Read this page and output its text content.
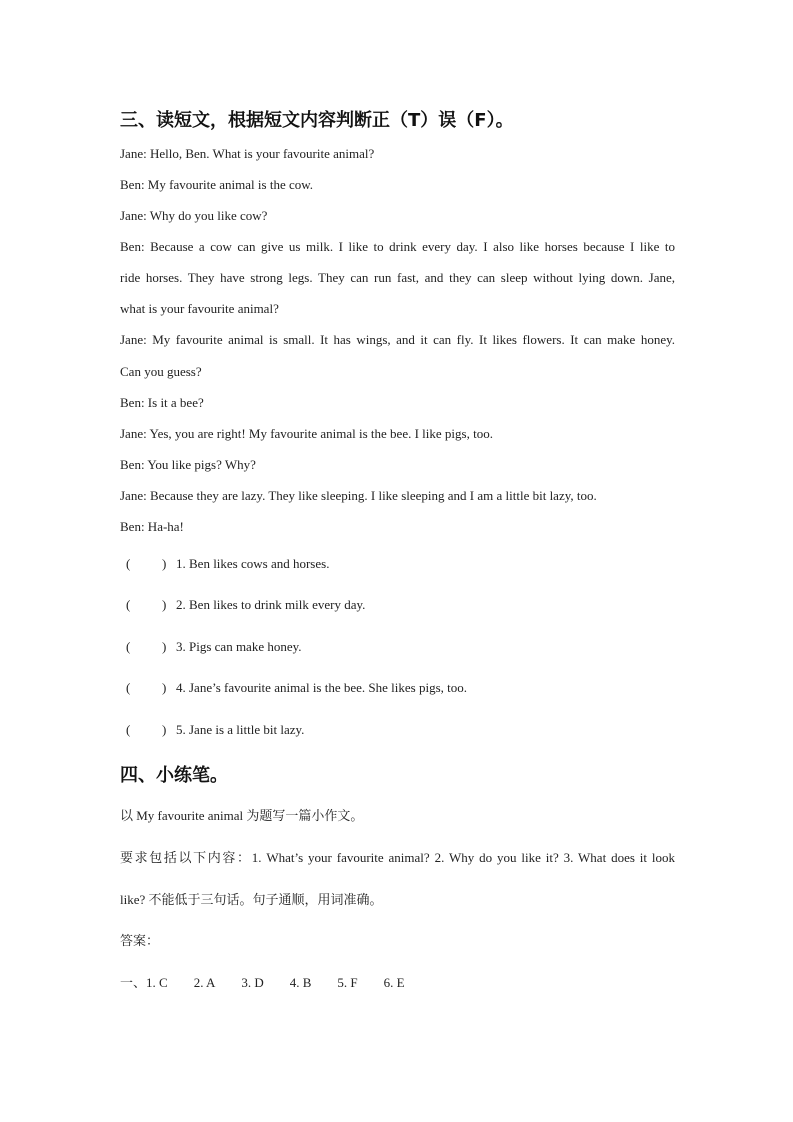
三、读短文，根据短文内容判断正（T）误（F）。
Jane: Hello, Ben. What is your favourite animal?
Ben: My favourite animal is the cow.
Jane: Why do you like cow?
Ben: Because a cow can give us milk. I like to drink every day. I also like horses because I like to
ride horses. They have strong legs. They can run fast, and they can sleep without lying down. Jane,
what is your favourite animal?
Jane: My favourite animal is small. It has wings, and it can fly. It likes flowers. It can make honey.
Can you guess?
Ben: Is it a bee?
Jane: Yes, you are right! My favourite animal is the bee. I like pigs, too.
Ben: You like pigs? Why?
Jane: Because they are lazy. They like sleeping. I like sleeping and I am a little bit lazy, too.
Ben: Ha-ha!
( ) 1. Ben likes cows and horses.
( ) 2. Ben likes to drink milk every day.
( ) 3. Pigs can make honey.
( ) 4. Jane’s favourite animal is the bee. She likes pigs, too.
( ) 5. Jane is a little bit lazy.
四、小练笔。
以 My favourite animal 为题写一篇小作文。
要求包括以下内容：1. What’s your favourite animal? 2. Why do you like it? 3. What does it look
like? 不能低于三句话。句子通顺，用词准确。
答案：
一、1. C 2. A 3. D 4. B 5. F 6. E
